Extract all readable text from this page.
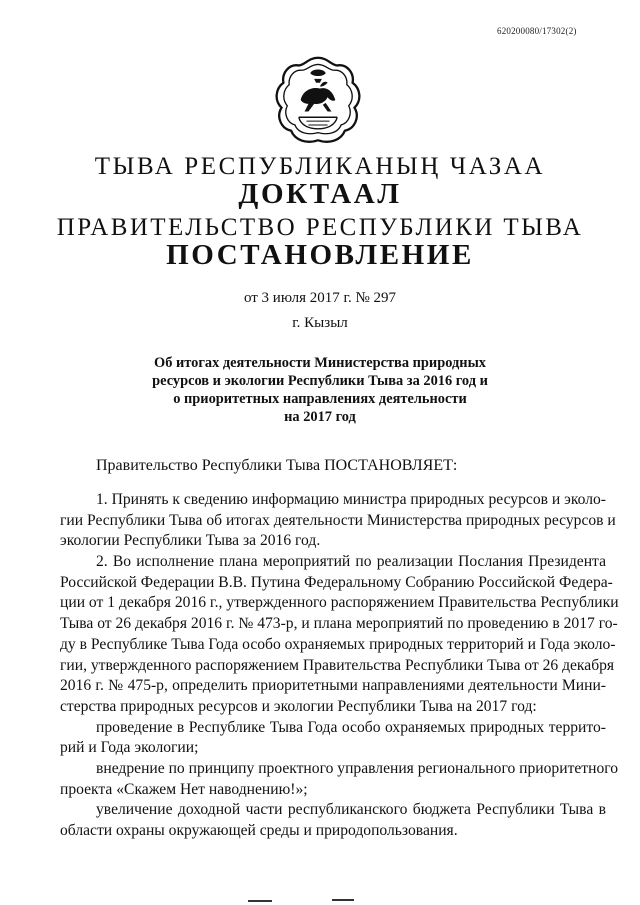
620200080/17302(2)
ТЫВА РЕСПУБЛИКАНЫҢ ЧАЗАА
ДОКТААЛ
ПРАВИТЕЛЬСТВО РЕСПУБЛИКИ ТЫВА
ПОСТАНОВЛЕНИЕ
от 3 июля 2017 г. № 297
г. Кызыл
Об итогах деятельности Министерства природных
ресурсов и экологии Республики Тыва за 2016 год и
о приоритетных направлениях деятельности
на 2017 год
Правительство Республики Тыва ПОСТАНОВЛЯЕТ:
1. Принять к сведению информацию министра природных ресурсов и эколо-
гии Республики Тыва об итогах деятельности Министерства природных ресурсов и
экологии Республики Тыва за 2016 год.
2. Во исполнение плана мероприятий по реализации Послания Президента
Российской Федерации В.В. Путина Федеральному Собранию Российской Федера-
ции от 1 декабря 2016 г., утвержденного распоряжением Правительства Республики
Тыва от 26 декабря 2016 г. № 473-р, и плана мероприятий по проведению в 2017 го-
ду в Республике Тыва Года особо охраняемых природных территорий и Года эколо-
гии, утвержденного распоряжением Правительства Республики Тыва от 26 декабря
2016 г. № 475-р, определить приоритетными направлениями деятельности Мини-
стерства природных ресурсов и экологии Республики Тыва на 2017 год:
проведение в Республике Тыва Года особо охраняемых природных террито-
рий и Года экологии;
внедрение по принципу проектного управления регионального приоритетного
проекта «Скажем Нет наводнению!»;
увеличение доходной части республиканского бюджета Республики Тыва в
области охраны окружающей среды и природопользования.
